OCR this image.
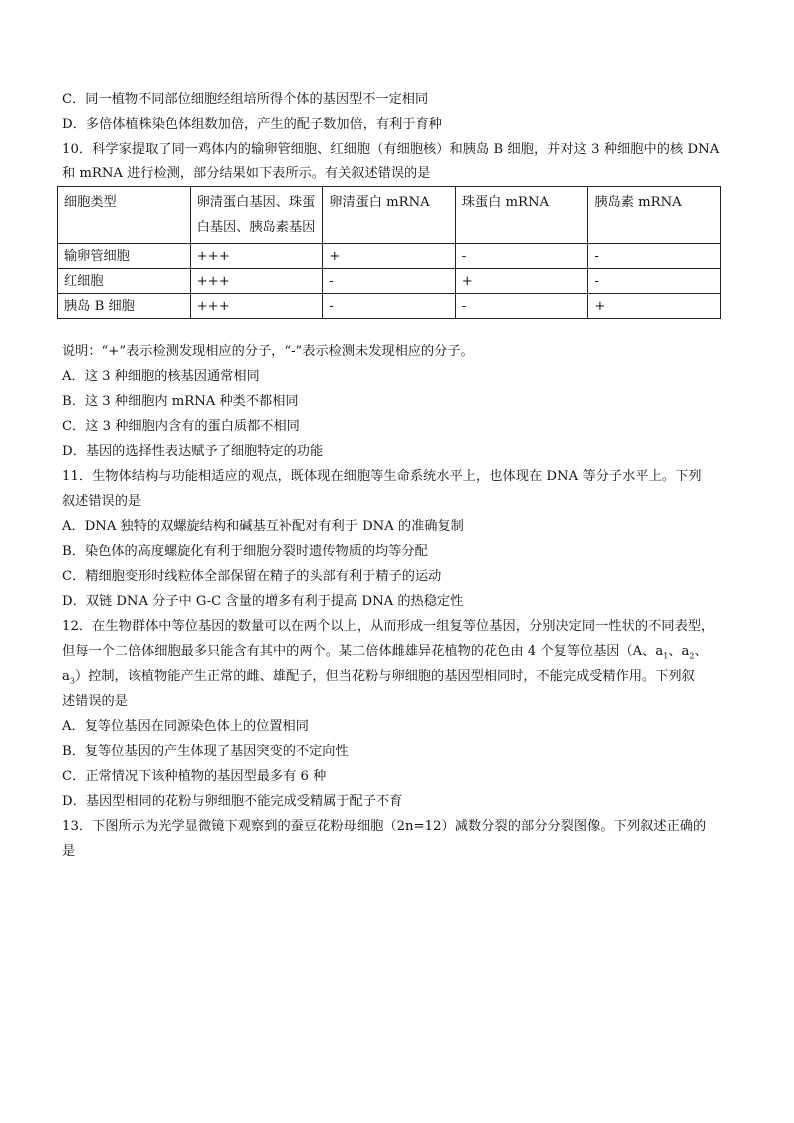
C．同一植物不同部位细胞经组培所得个体的基因型不一定相同
D．多倍体植株染色体组数加倍，产生的配子数加倍，有利于育种
10．科学家提取了同一鸡体内的输卵管细胞、红细胞（有细胞核）和胰岛 B 细胞，并对这 3 种细胞中的核 DNA
和 mRNA 进行检测，部分结果如下表所示。有关叙述错误的是
细胞类型	卵清蛋白基因、珠蛋白基因、胰岛素基因	卵清蛋白 mRNA	珠蛋白 mRNA	胰岛素 mRNA
输卵管细胞	+++	+	-	-
红细胞	+++	-	+	-
胰岛 B 细胞	+++	-	-	+
说明：“+”表示检测发现相应的分子，“-”表示检测未发现相应的分子。
A．这 3 种细胞的核基因通常相同
B．这 3 种细胞内 mRNA 种类不都相同
C．这 3 种细胞内含有的蛋白质都不相同
D．基因的选择性表达赋予了细胞特定的功能
11．生物体结构与功能相适应的观点，既体现在细胞等生命系统水平上，也体现在 DNA 等分子水平上。下列
叙述错误的是
A．DNA 独特的双螺旋结构和碱基互补配对有利于 DNA 的准确复制
B．染色体的高度螺旋化有利于细胞分裂时遗传物质的均等分配
C．精细胞变形时线粒体全部保留在精子的头部有利于精子的运动
D．双链 DNA 分子中 G-C 含量的增多有利于提高 DNA 的热稳定性
12．在生物群体中等位基因的数量可以在两个以上，从而形成一组复等位基因，分别决定同一性状的不同表型，
但每一个二倍体细胞最多只能含有其中的两个。某二倍体雌雄异花植物的花色由 4 个复等位基因（A、$a_1$、$a_2$、
$a_3$）控制，该植物能产生正常的雌、雄配子，但当花粉与卵细胞的基因型相同时，不能完成受精作用。下列叙
述错误的是
A．复等位基因在同源染色体上的位置相同
B．复等位基因的产生体现了基因突变的不定向性
C．正常情况下该种植物的基因型最多有 6 种
D．基因型相同的花粉与卵细胞不能完成受精属于配子不育
13．下图所示为光学显微镜下观察到的蚕豆花粉母细胞（2n=12）减数分裂的部分分裂图像。下列叙述正确的
是
